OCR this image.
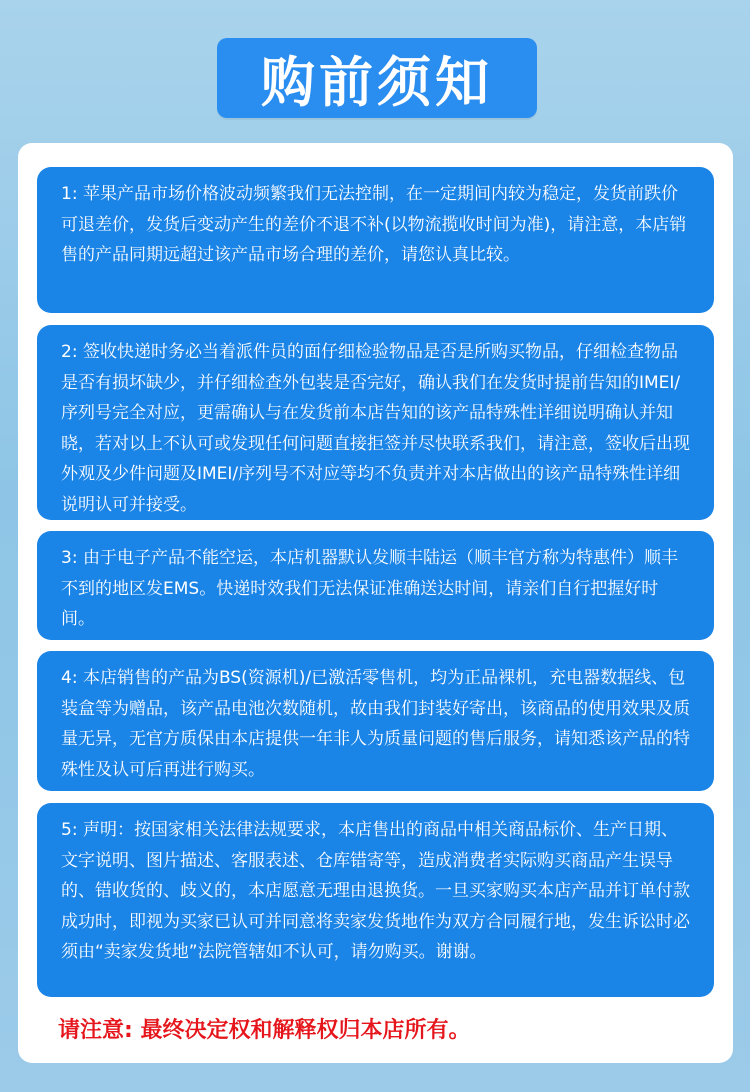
购前须知
1: 苹果产品市场价格波动频繁我们无法控制，在一定期间内较为稳定，发货前跌价可退差价，发货后变动产生的差价不退不补(以物流揽收时间为准)，请注意，本店销售的产品同期远超过该产品市场合理的差价，请您认真比较。
2: 签收快递时务必当着派件员的面仔细检验物品是否是所购买物品，仔细检查物品是否有损坏缺少，并仔细检查外包装是否完好，确认我们在发货时提前告知的IMEI/序列号完全对应，更需确认与在发货前本店告知的该产品特殊性详细说明确认并知晓，若对以上不认可或发现任何问题直接拒签并尽快联系我们，请注意，签收后出现外观及少件问题及IMEI/序列号不对应等均不负责并对本店做出的该产品特殊性详细说明认可并接受。
3: 由于电子产品不能空运，本店机器默认发顺丰陆运（顺丰官方称为特惠件）顺丰不到的地区发EMS。快递时效我们无法保证准确送达时间，请亲们自行把握好时间。
4: 本店销售的产品为BS(资源机)/已激活零售机，均为正品裸机，充电器数据线、包装盒等为赠品，该产品电池次数随机，故由我们封装好寄出，该商品的使用效果及质量无异，无官方质保由本店提供一年非人为质量问题的售后服务，请知悉该产品的特殊性及认可后再进行购买。
5: 声明：按国家相关法律法规要求，本店售出的商品中相关商品标价、生产日期、文字说明、图片描述、客服表述、仓库错寄等，造成消费者实际购买商品产生误导的、错收货的、歧义的，本店愿意无理由退换货。一旦买家购买本店产品并订单付款成功时，即视为买家已认可并同意将卖家发货地作为双方合同履行地，发生诉讼时必须由“卖家发货地”法院管辖如不认可，请勿购买。谢谢。
请注意: 最终决定权和解释权归本店所有。
